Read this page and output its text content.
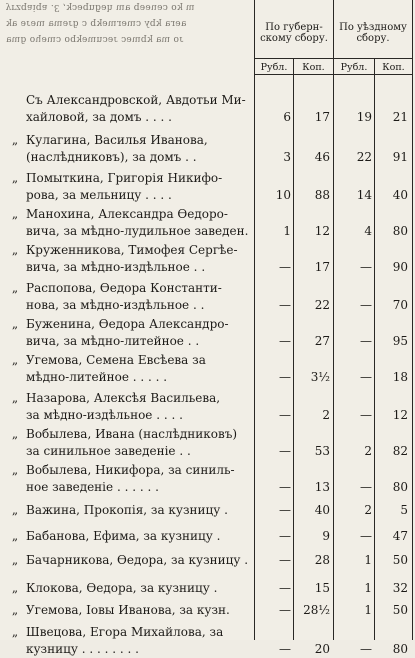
yrzqaiqa .Ɛ ,ʞɔǝqnɓ̆ǝh ɯɐ qǝǝuǝɔ oʞ ɯ
ʞɐ ǝɾǝɯ ɐɯǝɾɓ ɔ qʞǝɯɹǝɯɔ ʎqʞ ɐɹǝɐ
ɐɯɓ oɥǝɯɔ oqʞǝɯnɔǝɾ ɔǝɯqʞ ɐɯ oɾ
По губерн- скому сбору.
По уѣздному сбору.
Рубл.	Коп.	Рубл.	Коп.
Съ Александровской, Авдотьи Ми-
хайловой, за домъ . . . .	6	17	19	21
„ Кулагина, Василья Иванова,
(наслѣдниковъ), за домъ . .	3	46	22	91
„ Помыткина, Григорія Никифо-
рова, за мельницу . . . .	10	88	14	40
„ Манохина, Александра Ѳедоро-
вича, за мѣдно-лудильное заведен.	1	12	4	80
„ Круженникова, Тимофея Сергѣе-
вича, за мѣдно-издѣльное . .	—	17	—	90
„ Распопова, Ѳедора Константи-
нова, за мѣдно-издѣльное . .	—	22	—	70
„ Буженина, Ѳедора Александро-
вича, за мѣдно-литейное . .	—	27	—	95
„ Угемова, Семена Евсѣева за
мѣдно-литейное . . . . .	—	3½	—	18
„ Назарова, Алексѣя Васильева,
за мѣдно-издѣльное . . . .	—	2	—	12
„ Вобылева, Ивана (наслѣдниковъ)
за синильное заведеніе . .	—	53	2	82
„ Вобылева, Никифора, за синиль-
ное заведеніе . . . . . .	—	13	—	80
„ Важина, Прокопія, за кузницу .	—	40	2	5
„ Бабанова, Ефима, за кузницу .	—	9	—	47
„ Бачарникова, Ѳедора, за кузницу .	—	28	1	50
„ Клокова, Ѳедора, за кузницу .	—	15	1	32
„ Угемова, Іовы Иванова, за кузн.	—	28½	1	50
„ Швецова, Егора Михайлова, за
кузницу . . . . . . . .	—	20	—	80
